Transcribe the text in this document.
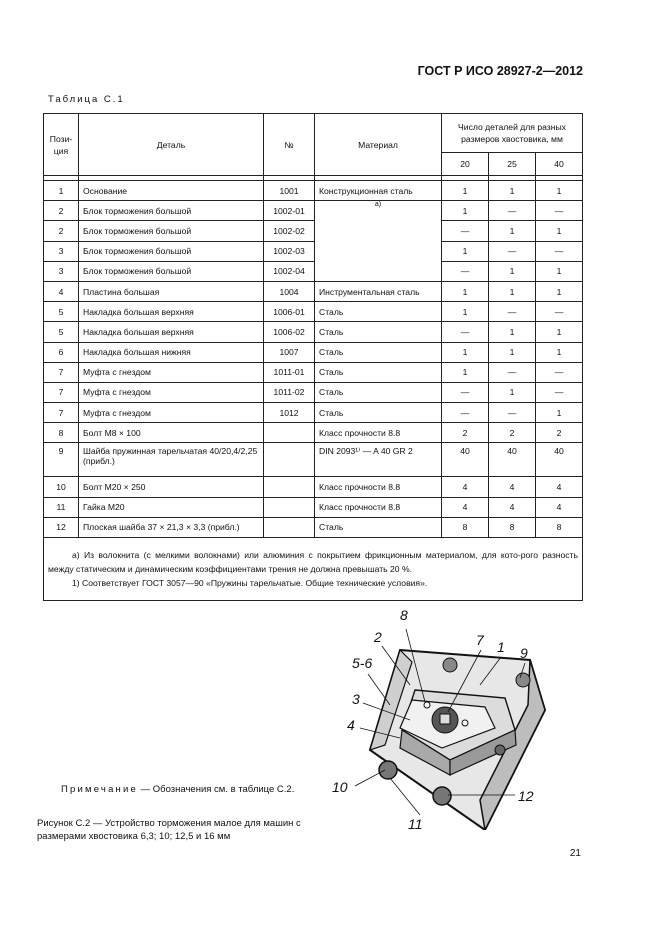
ГОСТ Р ИСО 28927-2—2012
Таблица С.1
Пози-
ция	Деталь	№	Материал	Число деталей для разных размеров хвостовика, мм		
				20	25	40

1	Основание	1001	Конструкционная сталь	1	1	1
2	Блок торможения большой	1002-01	а)	1	—	—
2	Блок торможения большой	1002-02		—	1	1
3	Блок торможения большой	1002-03		1	—	—
3	Блок торможения большой	1002-04		—	1	1
4	Пластина большая	1004	Инструментальная сталь	1	1	1
5	Накладка большая верхняя	1006-01	Сталь	1	—	—
5	Накладка большая верхняя	1006-02	Сталь	—	1	1
6	Накладка большая нижняя	1007	Сталь	1	1	1
7	Муфта с гнездом	1011-01	Сталь	1	—	—
7	Муфта с гнездом	1011-02	Сталь	—	1	—
7	Муфта с гнездом	1012	Сталь	—	—	1
8	Болт М8 × 100		Класс прочности 8.8	2	2	2
9	Шайба пружинная тарельчатая 40/20,4/2,25 (прибл.)		DIN 2093¹⁾ — A 40 GR 2	40	40	40
10	Болт М20 × 250		Класс прочности 8.8	4	4	4
11	Гайка М20		Класс прочности 8.8	4	4	4
12	Плоская шайба 37 × 21,3 × 3,3 (прибл.)		Сталь	8	8	8

а) Из волокнита (с мелкими волокнами) или алюминия с покрытием фрикционным материалом, для кото-рого разность между статическим и динамическим коэффициентами трения не должна превышать 20 %.

1) Соответствует ГОСТ 3057—90 «Пружины тарельчатые. Общие технические условия».						

8
2	7 1 9
5-6
3
4
10
11
12
Примечание — Обозначения см. в таблице С.2.
Рисунок С.2 — Устройство торможения малое для машин с размерами хвостовика 6,3; 10; 12,5 и 16 мм
21
